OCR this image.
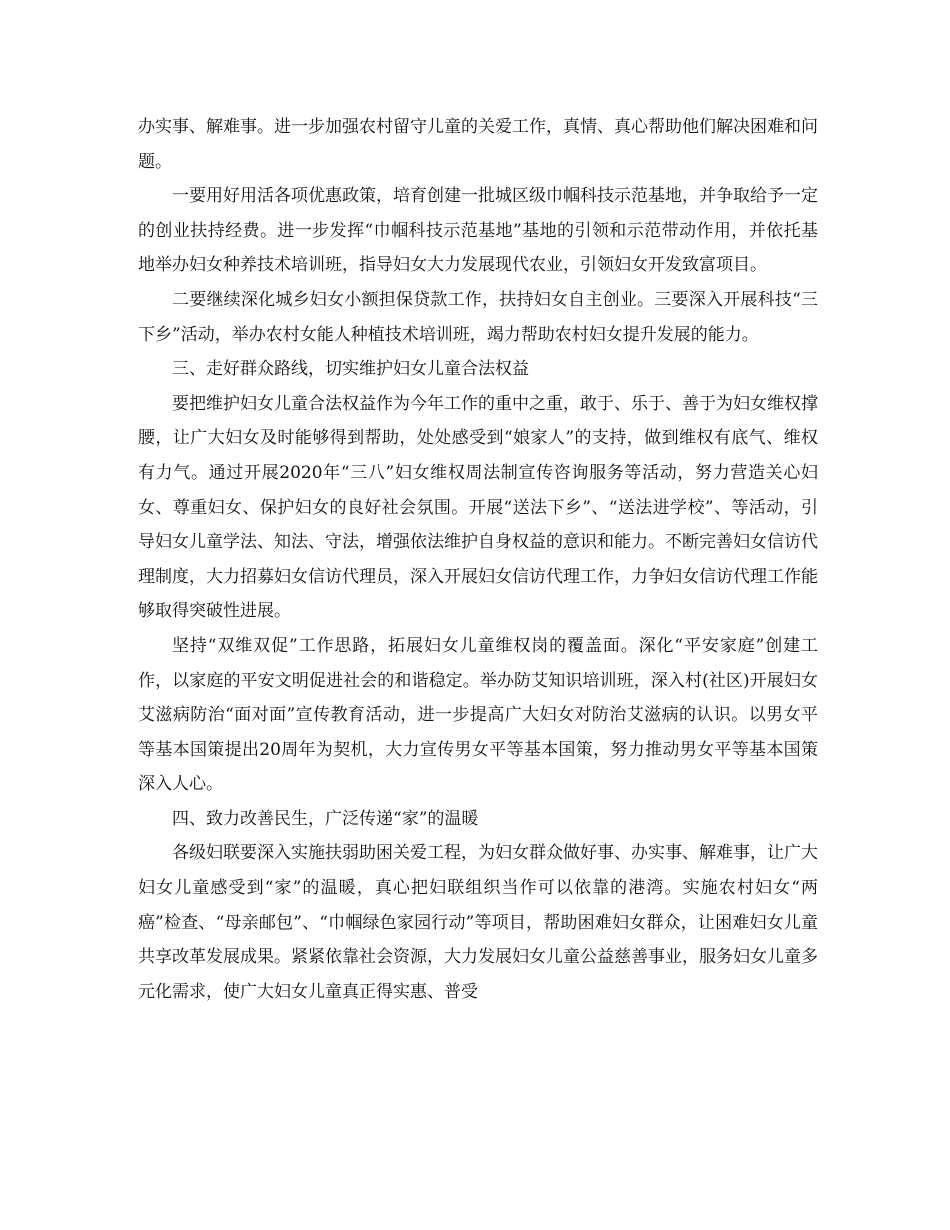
办实事、解难事。进一步加强农村留守儿童的关爱工作，真情、真心帮助他们解决困难和问题。

一要用好用活各项优惠政策，培育创建一批城区级巾帼科技示范基地，并争取给予一定的创业扶持经费。进一步发挥“巾帼科技示范基地”基地的引领和示范带动作用，并依托基地举办妇女种养技术培训班，指导妇女大力发展现代农业，引领妇女开发致富项目。

二要继续深化城乡妇女小额担保贷款工作，扶持妇女自主创业。三要深入开展科技“三下乡”活动，举办农村女能人种植技术培训班，竭力帮助农村妇女提升发展的能力。

三、走好群众路线，切实维护妇女儿童合法权益

要把维护妇女儿童合法权益作为今年工作的重中之重，敢于、乐于、善于为妇女维权撑腰，让广大妇女及时能够得到帮助，处处感受到“娘家人”的支持，做到维权有底气、维权有力气。通过开展2020年“三八”妇女维权周法制宣传咨询服务等活动，努力营造关心妇女、尊重妇女、保护妇女的良好社会氛围。开展“送法下乡”、“送法进学校”、等活动，引导妇女儿童学法、知法、守法，增强依法维护自身权益的意识和能力。不断完善妇女信访代理制度，大力招募妇女信访代理员，深入开展妇女信访代理工作，力争妇女信访代理工作能够取得突破性进展。

坚持“双维双促”工作思路，拓展妇女儿童维权岗的覆盖面。深化“平安家庭”创建工作，以家庭的平安文明促进社会的和谐稳定。举办防艾知识培训班，深入村(社区)开展妇女艾滋病防治“面对面”宣传教育活动，进一步提高广大妇女对防治艾滋病的认识。以男女平等基本国策提出20周年为契机，大力宣传男女平等基本国策，努力推动男女平等基本国策深入人心。

四、致力改善民生，广泛传递“家”的温暖

各级妇联要深入实施扶弱助困关爱工程，为妇女群众做好事、办实事、解难事，让广大妇女儿童感受到“家”的温暖，真心把妇联组织当作可以依靠的港湾。实施农村妇女“两癌”检查、“母亲邮包”、“巾帼绿色家园行动”等项目，帮助困难妇女群众，让困难妇女儿童共享改革发展成果。紧紧依靠社会资源，大力发展妇女儿童公益慈善事业，服务妇女儿童多元化需求，使广大妇女儿童真正得实惠、普受
